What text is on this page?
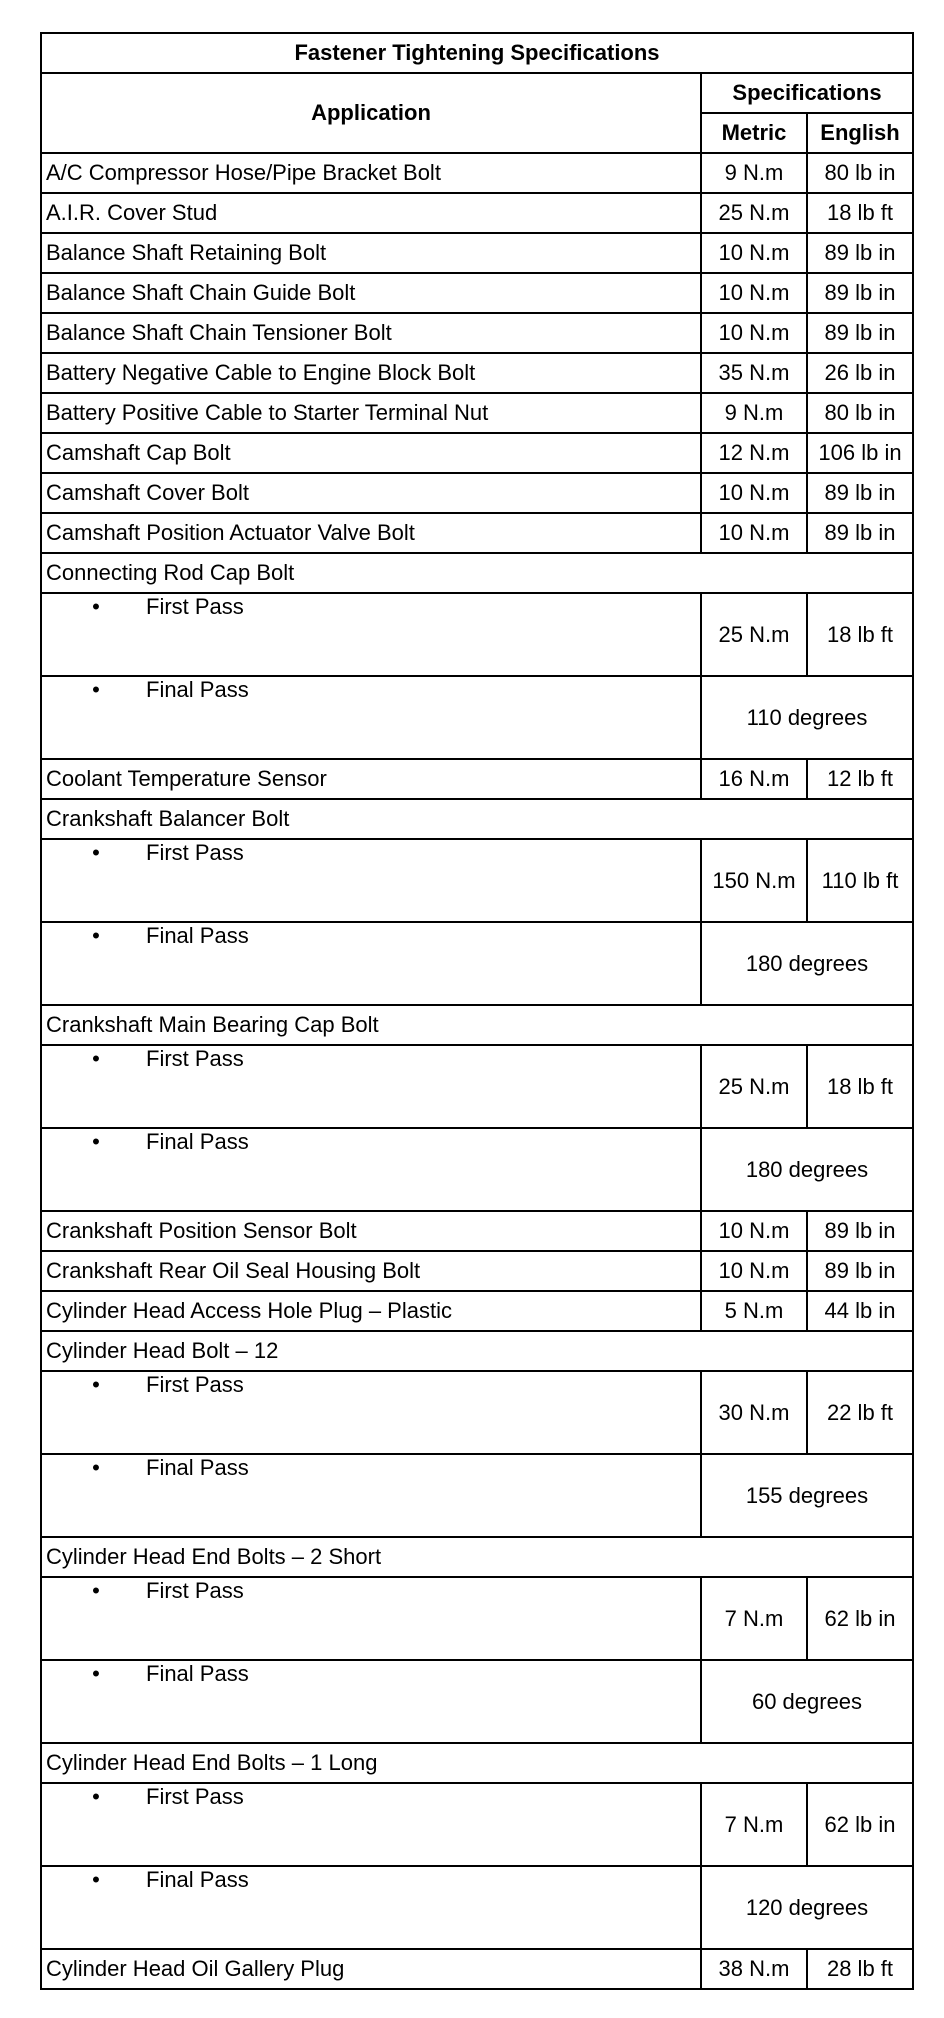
Fastener Tightening Specifications		
Application	Specifications	
	Metric	English
A/C Compressor Hose/Pipe Bracket Bolt	9 N.m	80 lb in
A.I.R. Cover Stud	25 N.m	18 lb ft
Balance Shaft Retaining Bolt	10 N.m	89 lb in
Balance Shaft Chain Guide Bolt	10 N.m	89 lb in
Balance Shaft Chain Tensioner Bolt	10 N.m	89 lb in
Battery Negative Cable to Engine Block Bolt	35 N.m	26 lb in
Battery Positive Cable to Starter Terminal Nut	9 N.m	80 lb in
Camshaft Cap Bolt	12 N.m	106 lb in
Camshaft Cover Bolt	10 N.m	89 lb in
Camshaft Position Actuator Valve Bolt	10 N.m	89 lb in
Connecting Rod Cap Bolt		
• First Pass	25 N.m	18 lb ft
• Final Pass	110 degrees	
Coolant Temperature Sensor	16 N.m	12 lb ft
Crankshaft Balancer Bolt		
• First Pass	150 N.m	110 lb ft
• Final Pass	180 degrees	
Crankshaft Main Bearing Cap Bolt		
• First Pass	25 N.m	18 lb ft
• Final Pass	180 degrees	
Crankshaft Position Sensor Bolt	10 N.m	89 lb in
Crankshaft Rear Oil Seal Housing Bolt	10 N.m	89 lb in
Cylinder Head Access Hole Plug – Plastic	5 N.m	44 lb in
Cylinder Head Bolt – 12		
• First Pass	30 N.m	22 lb ft
• Final Pass	155 degrees	
Cylinder Head End Bolts – 2 Short		
• First Pass	7 N.m	62 lb in
• Final Pass	60 degrees	
Cylinder Head End Bolts – 1 Long		
• First Pass	7 N.m	62 lb in
• Final Pass	120 degrees	
Cylinder Head Oil Gallery Plug	38 N.m	28 lb ft
